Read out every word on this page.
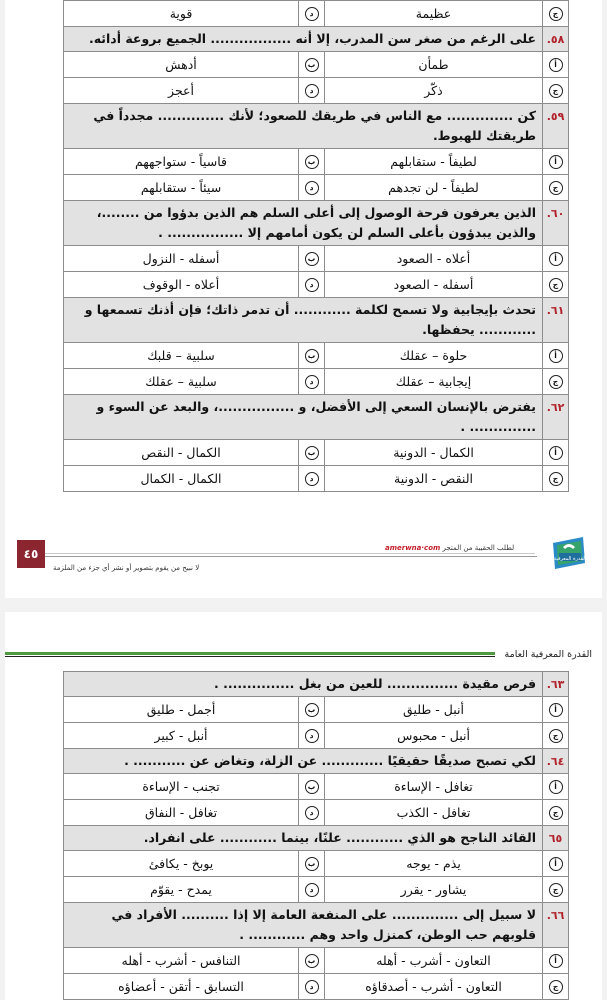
ج	عظيمة	د	قوية
٥٨.	على الرغم من صغر سن المدرب، إلا أنه ................. الجميع بروعة أدائه.		
أ	طمأن	ب	أدهش
ج	ذكّر	د	أعجز
٥٩.	كن .............. مع الناس في طريقك للصعود؛ لأنك .............. مجدداً في طريقتك للهبوط.		
أ	لطيفاً - ستقابلهم	ب	قاسياً - ستواجههم
ج	لطيفاً - لن تجدهم	د	سيئاً - ستقابلهم
٦٠.	الذين يعرفون فرحة الوصول إلى أعلى السلم هم الذين بدؤوا من ........، والذين يبدؤون بأعلى السلم لن يكون أمامهم إلا ................ .		
أ	أعلاه - الصعود	ب	أسفله - النزول
ج	أسفله - الصعود	د	أعلاه - الوقوف
٦١.	تحدث بإيجابية ولا تسمح لكلمة ............ أن تدمر ذاتك؛ فإن أذنك تسمعها و ............ يحفظها.		
أ	حلوة – عقلك	ب	سلبية – قلبك
ج	إيجابية – عقلك	د	سلبية – عقلك
٦٢.	يفترض بالإنسان السعي إلى الأفضل، و ................، والبعد عن السوء و .............. .		
أ	الكمال - الدونية	ب	الكمال - النقص
ج	النقص - الدونية	د	الكمال - الكمال
٤٥	amerwna·com لطلب الحقيبة من المتجر
لا نبيح من يقوم بتصوير أو نشر أي جزء من الملزمة
القدرة المعرفية
القدرة المعرفية العامة
٦٣.	فرص مقيدة ............... للعين من بغل ............... .		
أ	أنبل - طليق	ب	أجمل - طليق
ج	أنبل - محبوس	د	أنبل - كبير
٦٤.	لكي تصبح صديقًا حقيقيًا ............. عن الزلة، وتغاض عن ........... .		
أ	تغافل - الإساءة	ب	تجنب - الإساءة
ج	تغافل - الكذب	د	تغافل - النفاق
٦٥	القائد الناجح هو الذي ............ علنًا، بينما ............ على انفراد.		
أ	يذم - يوجه	ب	يوبخ - يكافئ
ج	يشاور - يقرر	د	يمدح - يقوّم
٦٦.	لا سبيل إلى .............. على المنفعة العامة إلا إذا .......... الأفراد في قلوبهم حب الوطن، كمنزل واحد وهم ............ .		
أ	التعاون - أشرب - أهله	ب	التنافس - أشرب - أهله
ج	التعاون - أشرب - أصدقاؤه	د	التسابق - أتقن - أعضاؤه
